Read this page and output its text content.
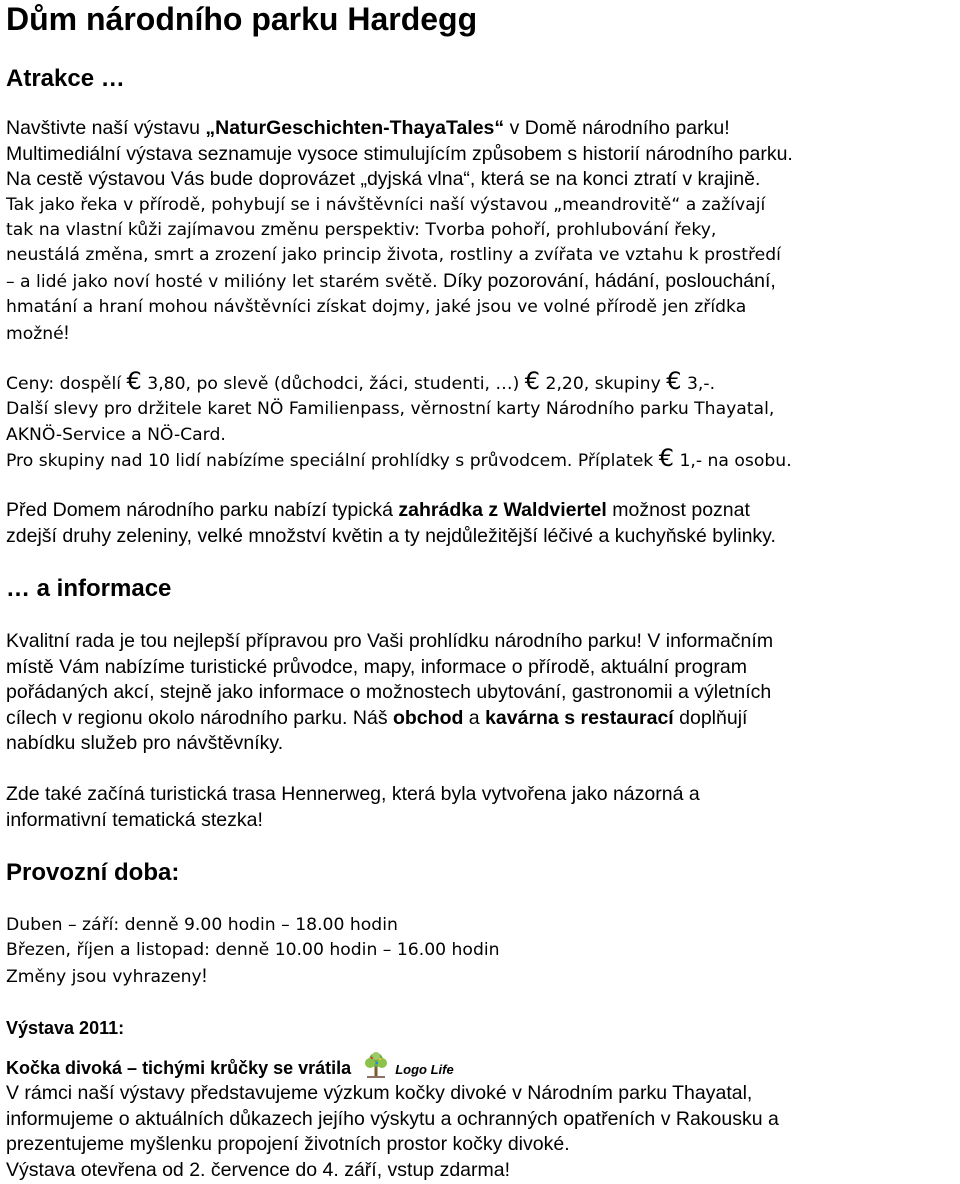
Dům národního parku Hardegg
Atrakce …
Navštivte naší výstavu „NaturGeschichten-ThayaTales“ v Domě národního parku!
Multimediální výstava seznamuje vysoce stimulujícím způsobem s historií národního parku.
Na cestě výstavou Vás bude doprovázet „dyjská vlna“, která se na konci ztratí v krajině.
Tak jako řeka v přírodě, pohybují se i návštěvníci naší výstavou „meandrovitě“ a zažívají
tak na vlastní kůži zajímavou změnu perspektiv: Tvorba pohoří, prohlubování řeky,
neustálá změna, smrt a zrození jako princip života, rostliny a zvířata ve vztahu k prostředí
– a lidé jako noví hosté v milióny let starém světě. Díky pozorování, hádání, poslouchání,
hmatání a hraní mohou návštěvníci získat dojmy, jaké jsou ve volné přírodě jen zřídka
možné!
Ceny: dospělí € 3,80, po slevě (důchodci, žáci, studenti, …) € 2,20, skupiny € 3,-.
Další slevy pro držitele karet NÖ Familienpass, věrnostní karty Národního parku Thayatal,
AKNÖ-Service a NÖ-Card.
Pro skupiny nad 10 lidí nabízíme speciální prohlídky s průvodcem. Příplatek € 1,- na osobu.
Před Domem národního parku nabízí typická zahrádka z Waldviertel možnost poznat
zdejší druhy zeleniny, velké množství květin a ty nejdůležitější léčivé a kuchyňské bylinky.
… a informace
Kvalitní rada je tou nejlepší přípravou pro Vaši prohlídku národního parku! V informačním
místě Vám nabízíme turistické průvodce, mapy, informace o přírodě, aktuální program
pořádaných akcí, stejně jako informace o možnostech ubytování, gastronomii a výletních
cílech v regionu okolo národního parku. Náš obchod a kavárna s restaurací doplňují
nabídku služeb pro návštěvníky.
Zde také začíná turistická trasa Hennerweg, která byla vytvořena jako názorná a
informativní tematická stezka!
Provozní doba:
Duben – září: denně 9.00 hodin – 18.00 hodin
Březen, říjen a listopad: denně 10.00 hodin – 16.00 hodin
Změny jsou vyhrazeny!
Výstava 2011:
Kočka divoká – tichými krůčky se vrátila	Logo Life
V rámci naší výstavy představujeme výzkum kočky divoké v Národním parku Thayatal,
informujeme o aktuálních důkazech jejího výskytu a ochranných opatřeních v Rakousku a
prezentujeme myšlenku propojení životních prostor kočky divoké.
Výstava otevřena od 2. července do 4. září, vstup zdarma!
